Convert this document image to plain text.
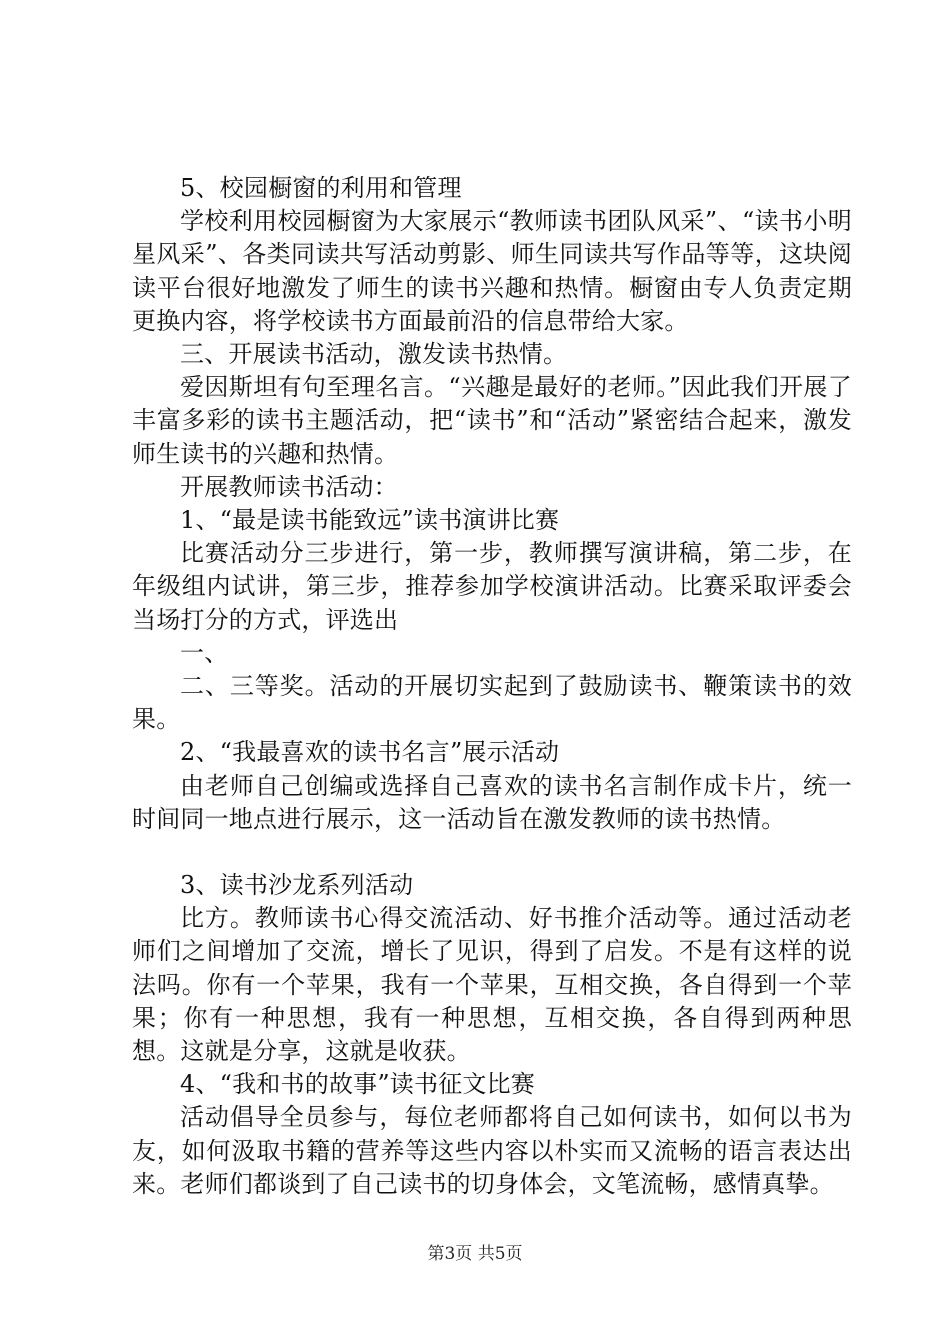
5、校园橱窗的利用和管理

学校利用校园橱窗为大家展示“教师读书团队风采”、“读书小明星风采”、各类同读共写活动剪影、师生同读共写作品等等，这块阅读平台很好地激发了师生的读书兴趣和热情。橱窗由专人负责定期更换内容，将学校读书方面最前沿的信息带给大家。

三、开展读书活动，激发读书热情。

爱因斯坦有句至理名言。“兴趣是最好的老师。”因此我们开展了丰富多彩的读书主题活动，把“读书”和“活动”紧密结合起来，激发师生读书的兴趣和热情。

开展教师读书活动：

1、“最是读书能致远”读书演讲比赛

比赛活动分三步进行，第一步，教师撰写演讲稿，第二步，在年级组内试讲，第三步，推荐参加学校演讲活动。比赛采取评委会当场打分的方式，评选出

一、

二、三等奖。活动的开展切实起到了鼓励读书、鞭策读书的效果。

2、“我最喜欢的读书名言”展示活动

由老师自己创编或选择自己喜欢的读书名言制作成卡片，统一时间同一地点进行展示，这一活动旨在激发教师的读书热情。

3、读书沙龙系列活动

比方。教师读书心得交流活动、好书推介活动等。通过活动老师们之间增加了交流，增长了见识，得到了启发。不是有这样的说法吗。你有一个苹果，我有一个苹果，互相交换，各自得到一个苹果；你有一种思想，我有一种思想，互相交换，各自得到两种思想。这就是分享，这就是收获。

4、“我和书的故事”读书征文比赛

活动倡导全员参与，每位老师都将自己如何读书，如何以书为友，如何汲取书籍的营养等这些内容以朴实而又流畅的语言表达出来。老师们都谈到了自己读书的切身体会，文笔流畅，感情真挚。

第3页 共5页
